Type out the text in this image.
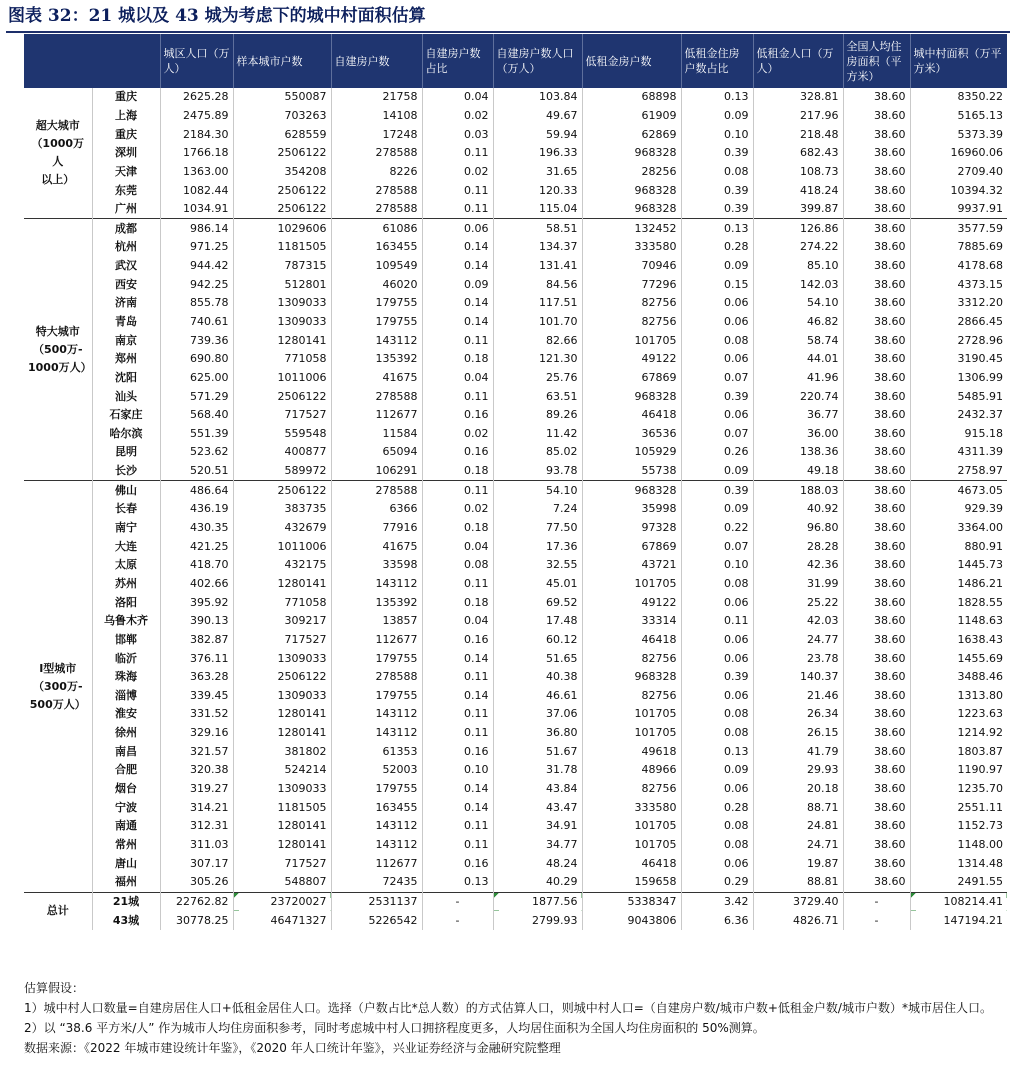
图表 32：21 城以及 43 城为考虑下的城中村面积估算
		城区人口（万人）	样本城市户数	自建房户数	自建房户数占比	自建房户数人口（万人）	低租金房户数	低租金住房户数占比	低租金人口（万人）	全国人均住房面积（平方米）	城中村面积（万平方米）

超大城市
（1000万人
以上）	重庆	2625.28	550087	21758	0.04	103.84	68898	0.13	328.81	38.60	8350.22
	上海	2475.89	703263	14108	0.02	49.67	61909	0.09	217.96	38.60	5165.13
	重庆	2184.30	628559	17248	0.03	59.94	62869	0.10	218.48	38.60	5373.39
	深圳	1766.18	2506122	278588	0.11	196.33	968328	0.39	682.43	38.60	16960.06
	天津	1363.00	354208	8226	0.02	31.65	28256	0.08	108.73	38.60	2709.40
	东莞	1082.44	2506122	278588	0.11	120.33	968328	0.39	418.24	38.60	10394.32
	广州	1034.91	2506122	278588	0.11	115.04	968328	0.39	399.87	38.60	9937.91

特大城市
（500万-
1000万人）	成都	986.14	1029606	61086	0.06	58.51	132452	0.13	126.86	38.60	3577.59
	杭州	971.25	1181505	163455	0.14	134.37	333580	0.28	274.22	38.60	7885.69
	武汉	944.42	787315	109549	0.14	131.41	70946	0.09	85.10	38.60	4178.68
	西安	942.25	512801	46020	0.09	84.56	77296	0.15	142.03	38.60	4373.15
	济南	855.78	1309033	179755	0.14	117.51	82756	0.06	54.10	38.60	3312.20
	青岛	740.61	1309033	179755	0.14	101.70	82756	0.06	46.82	38.60	2866.45
	南京	739.36	1280141	143112	0.11	82.66	101705	0.08	58.74	38.60	2728.96
	郑州	690.80	771058	135392	0.18	121.30	49122	0.06	44.01	38.60	3190.45
	沈阳	625.00	1011006	41675	0.04	25.76	67869	0.07	41.96	38.60	1306.99
	汕头	571.29	2506122	278588	0.11	63.51	968328	0.39	220.74	38.60	5485.91
	石家庄	568.40	717527	112677	0.16	89.26	46418	0.06	36.77	38.60	2432.37
	哈尔滨	551.39	559548	11584	0.02	11.42	36536	0.07	36.00	38.60	915.18
	昆明	523.62	400877	65094	0.16	85.02	105929	0.26	138.36	38.60	4311.39
	长沙	520.51	589972	106291	0.18	93.78	55738	0.09	49.18	38.60	2758.97

I型城市
（300万-
500万人）	佛山	486.64	2506122	278588	0.11	54.10	968328	0.39	188.03	38.60	4673.05
	长春	436.19	383735	6366	0.02	7.24	35998	0.09	40.92	38.60	929.39
	南宁	430.35	432679	77916	0.18	77.50	97328	0.22	96.80	38.60	3364.00
	大连	421.25	1011006	41675	0.04	17.36	67869	0.07	28.28	38.60	880.91
	太原	418.70	432175	33598	0.08	32.55	43721	0.10	42.36	38.60	1445.73
	苏州	402.66	1280141	143112	0.11	45.01	101705	0.08	31.99	38.60	1486.21
	洛阳	395.92	771058	135392	0.18	69.52	49122	0.06	25.22	38.60	1828.55
	乌鲁木齐	390.13	309217	13857	0.04	17.48	33314	0.11	42.03	38.60	1148.63
	邯郸	382.87	717527	112677	0.16	60.12	46418	0.06	24.77	38.60	1638.43
	临沂	376.11	1309033	179755	0.14	51.65	82756	0.06	23.78	38.60	1455.69
	珠海	363.28	2506122	278588	0.11	40.38	968328	0.39	140.37	38.60	3488.46
	淄博	339.45	1309033	179755	0.14	46.61	82756	0.06	21.46	38.60	1313.80
	淮安	331.52	1280141	143112	0.11	37.06	101705	0.08	26.34	38.60	1223.63
	徐州	329.16	1280141	143112	0.11	36.80	101705	0.08	26.15	38.60	1214.92
	南昌	321.57	381802	61353	0.16	51.67	49618	0.13	41.79	38.60	1803.87
	合肥	320.38	524214	52003	0.10	31.78	48966	0.09	29.93	38.60	1190.97
	烟台	319.27	1309033	179755	0.14	43.84	82756	0.06	20.18	38.60	1235.70
	宁波	314.21	1181505	163455	0.14	43.47	333580	0.28	88.71	38.60	2551.11
	南通	312.31	1280141	143112	0.11	34.91	101705	0.08	24.81	38.60	1152.73
	常州	311.03	1280141	143112	0.11	34.77	101705	0.08	24.71	38.60	1148.00
	唐山	307.17	717527	112677	0.16	48.24	46418	0.06	19.87	38.60	1314.48
	福州	305.26	548807	72435	0.13	40.29	159658	0.29	88.81	38.60	2491.55

总计	21城	22762.82	23720027	2531137	-	1877.56	5338347	3.42	3729.40	-	108214.41
	43城	30778.25	46471327	5226542	-	2799.93	9043806	6.36	4826.71	-	147194.21
估算假设：
1）城中村人口数量=自建房居住人口+低租金居住人口。选择（户数占比*总人数）的方式估算人口，则城中村人口=（自建房户数/城市户数+低租金户数/城市户数）*城市居住人口。
2）以 “38.6 平方米/人” 作为城市人均住房面积参考，同时考虑城中村人口拥挤程度更多，人均居住面积为全国人均住房面积的 50%测算。
数据来源：《2022 年城市建设统计年鉴》，《2020 年人口统计年鉴》，兴业证券经济与金融研究院整理
